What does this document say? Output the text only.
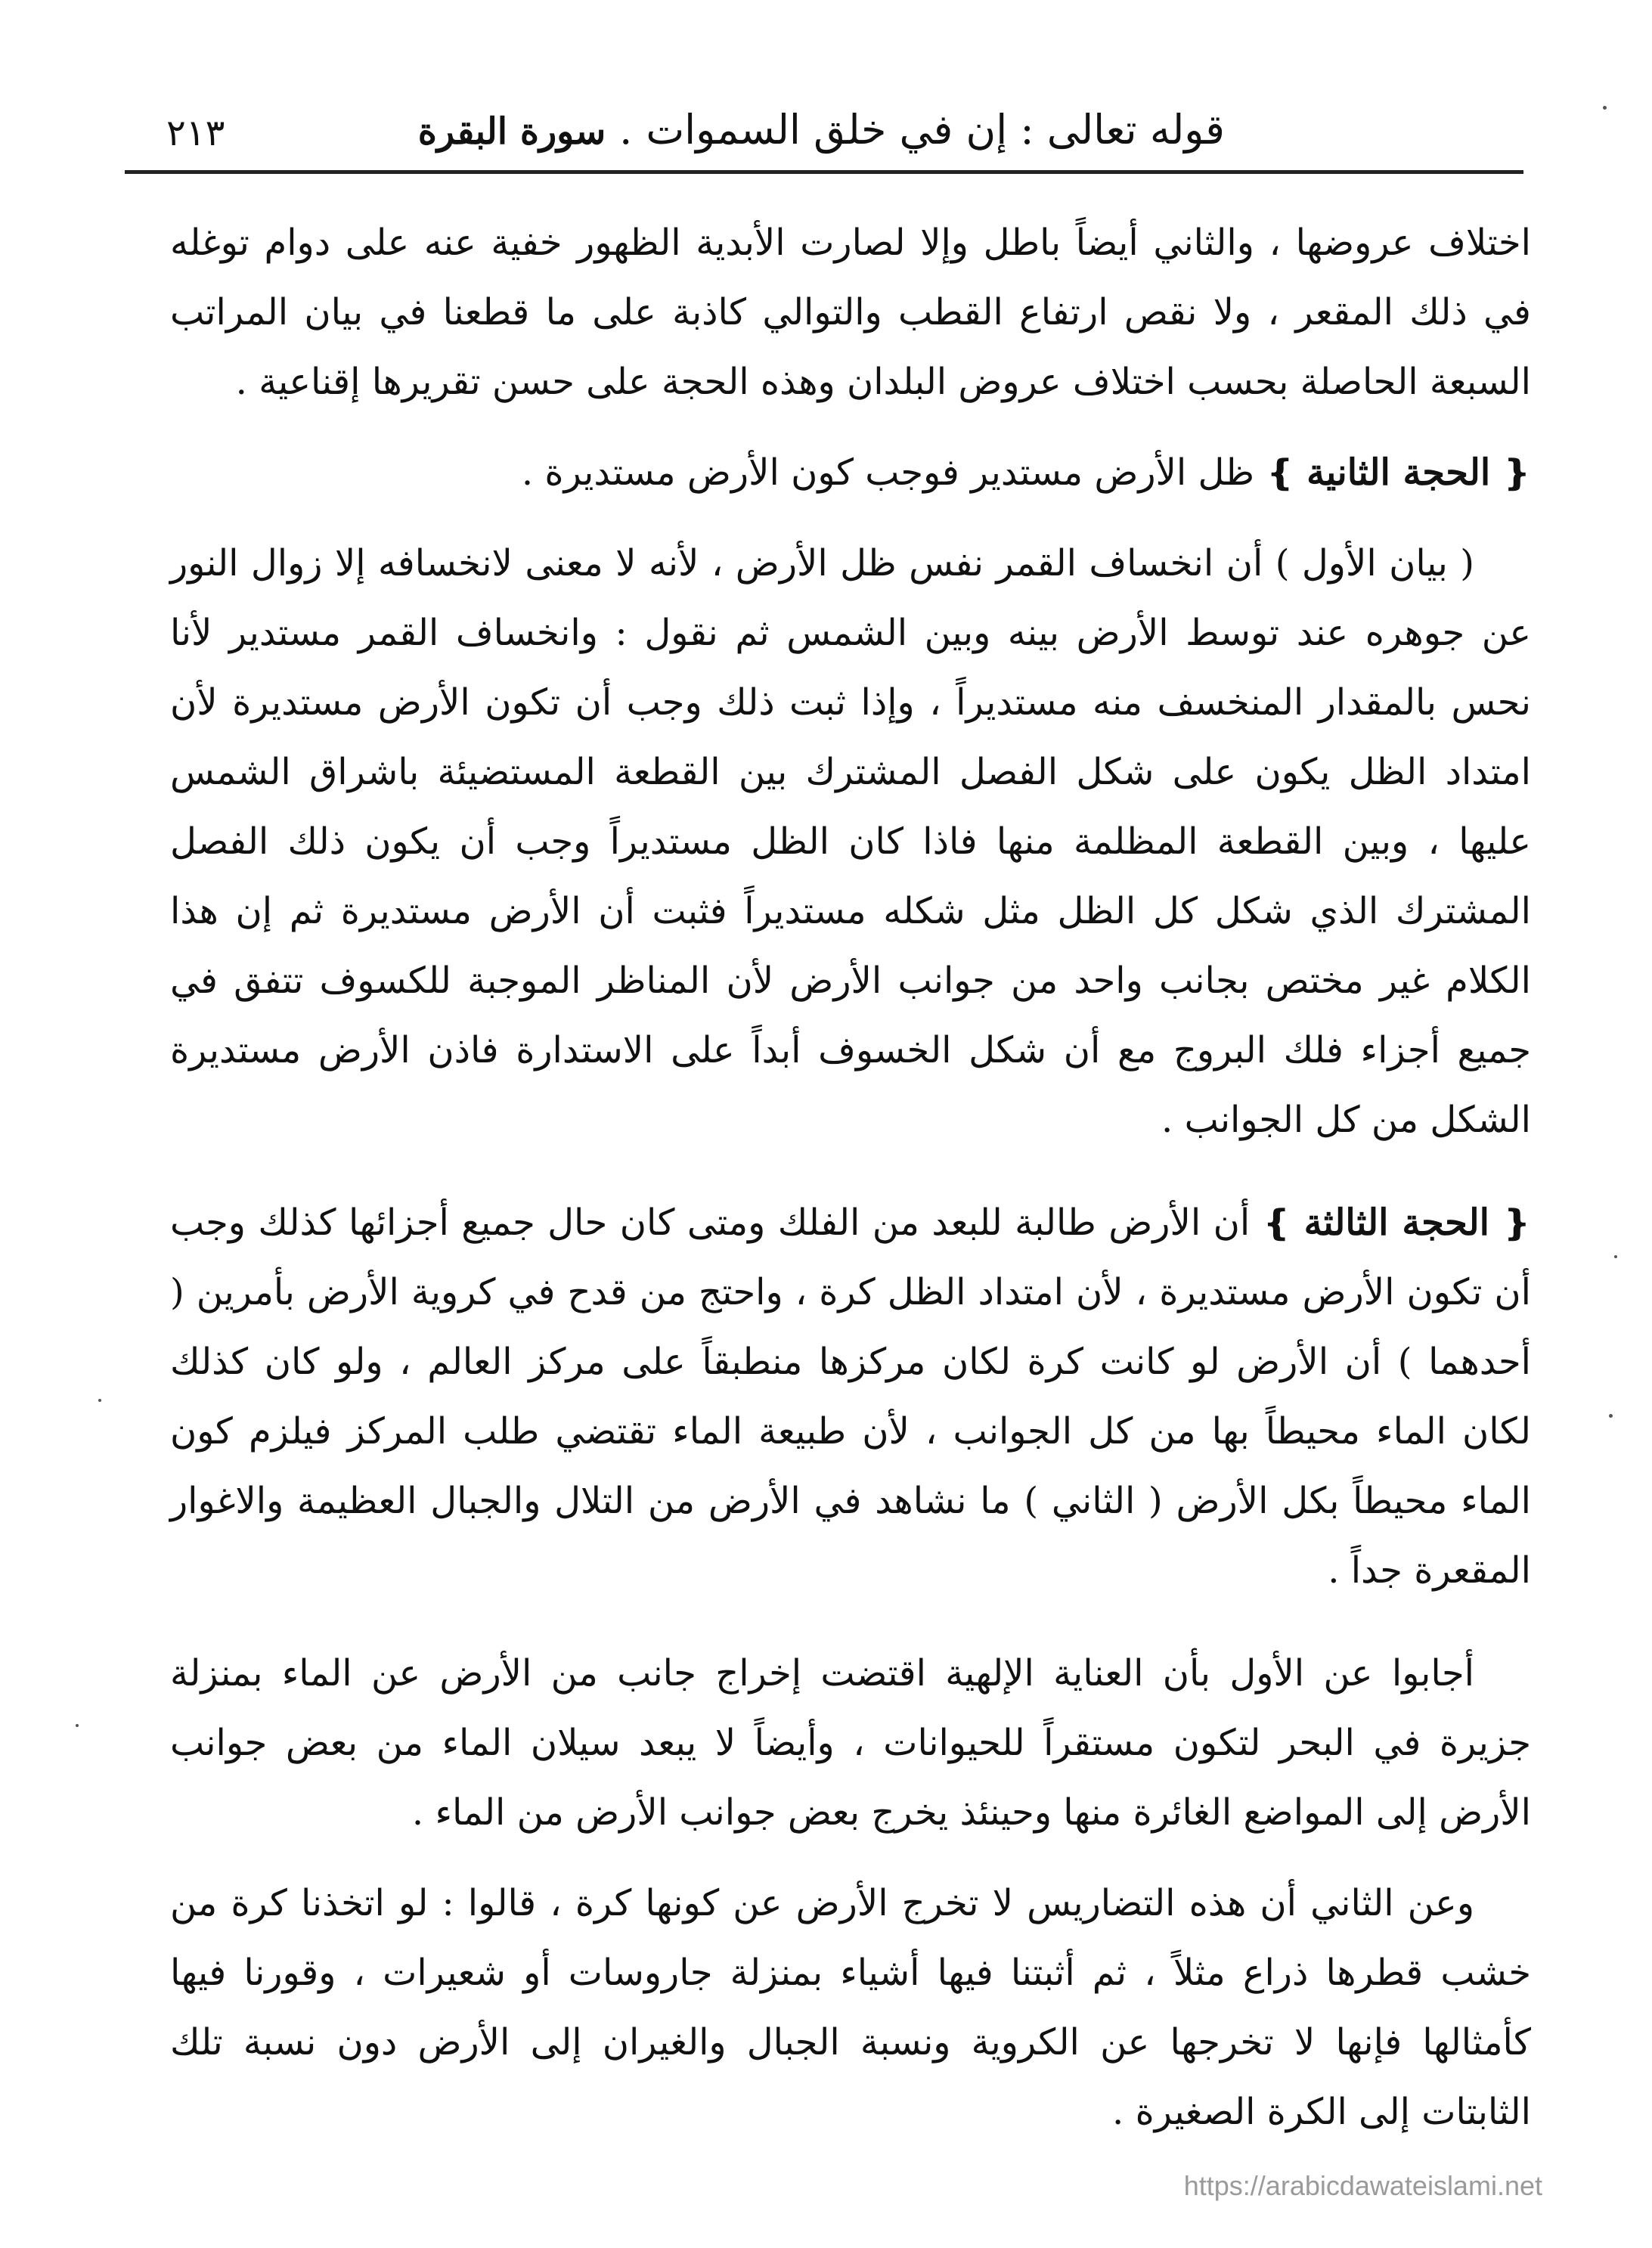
قوله تعالى : إن في خلق السموات.سورة البقرة
٢١٣

اختلاف عروضها ، والثاني أيضاً باطل وإلا لصارت الأبدية الظهور خفية عنه على دوام توغله في ذلك المقعر ، ولا نقص ارتفاع القطب والتوالي كاذبة على ما قطعنا في بيان المراتب السبعة الحاصلة بحسب اختلاف عروض البلدان وهذه الحجة على حسن تقريرها إقناعية .

❴ الحجة الثانية ❵ ظل الأرض مستدير فوجب كون الأرض مستديرة .

( بيان الأول ) أن انخساف القمر نفس ظل الأرض ، لأنه لا معنى لانخسافه إلا زوال النور عن جوهره عند توسط الأرض بينه وبين الشمس ثم نقول : وانخساف القمر مستدير لأنا نحس بالمقدار المنخسف منه مستديراً ، وإذا ثبت ذلك وجب أن تكون الأرض مستديرة لأن امتداد الظل يكون على شكل الفصل المشترك بين القطعة المستضيئة باشراق الشمس عليها ، وبين القطعة المظلمة منها فاذا كان الظل مستديراً وجب أن يكون ذلك الفصل المشترك الذي شكل كل الظل مثل شكله مستديراً فثبت أن الأرض مستديرة ثم إن هذا الكلام غير مختص بجانب واحد من جوانب الأرض لأن المناظر الموجبة للكسوف تتفق في جميع أجزاء فلك البروج مع أن شكل الخسوف أبداً على الاستدارة فاذن الأرض مستديرة الشكل من كل الجوانب .

❴ الحجة الثالثة ❵ أن الأرض طالبة للبعد من الفلك ومتى كان حال جميع أجزائها كذلك وجب أن تكون الأرض مستديرة ، لأن امتداد الظل كرة ، واحتج من قدح في كروية الأرض بأمرين ( أحدهما ) أن الأرض لو كانت كرة لكان مركزها منطبقاً على مركز العالم ، ولو كان كذلك لكان الماء محيطاً بها من كل الجوانب ، لأن طبيعة الماء تقتضي طلب المركز فيلزم كون الماء محيطاً بكل الأرض ( الثاني ) ما نشاهد في الأرض من التلال والجبال العظيمة والاغوار المقعرة جداً .

أجابوا عن الأول بأن العناية الإلهية اقتضت إخراج جانب من الأرض عن الماء بمنزلة جزيرة في البحر لتكون مستقراً للحيوانات ، وأيضاً لا يبعد سيلان الماء من بعض جوانب الأرض إلى المواضع الغائرة منها وحينئذ يخرج بعض جوانب الأرض من الماء .

وعن الثاني أن هذه التضاريس لا تخرج الأرض عن كونها كرة ، قالوا : لو اتخذنا كرة من خشب قطرها ذراع مثلاً ، ثم أثبتنا فيها أشياء بمنزلة جاروسات أو شعيرات ، وقورنا فيها كأمثالها فإنها لا تخرجها عن الكروية ونسبة الجبال والغيران إلى الأرض دون نسبة تلك الثابتات إلى الكرة الصغيرة .

https://arabicdawateislami.net
